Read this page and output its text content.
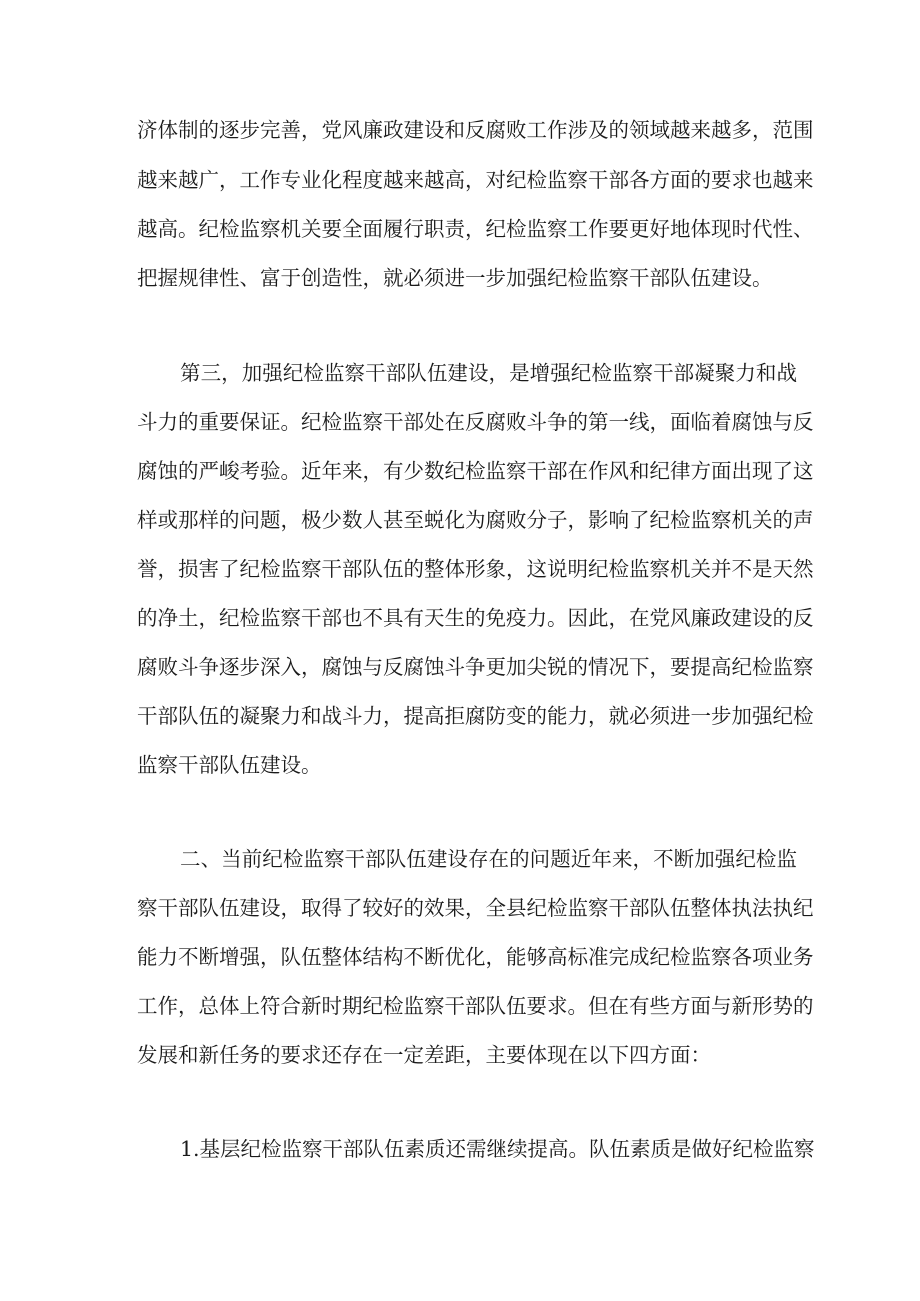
济体制的逐步完善，党风廉政建设和反腐败工作涉及的领域越来越多，范围
越来越广，工作专业化程度越来越高，对纪检监察干部各方面的要求也越来
越高。纪检监察机关要全面履行职责，纪检监察工作要更好地体现时代性、
把握规律性、富于创造性，就必须进一步加强纪检监察干部队伍建设。
第三，加强纪检监察干部队伍建设，是增强纪检监察干部凝聚力和战
斗力的重要保证。纪检监察干部处在反腐败斗争的第一线，面临着腐蚀与反
腐蚀的严峻考验。近年来，有少数纪检监察干部在作风和纪律方面出现了这
样或那样的问题，极少数人甚至蜕化为腐败分子，影响了纪检监察机关的声
誉，损害了纪检监察干部队伍的整体形象，这说明纪检监察机关并不是天然
的净土，纪检监察干部也不具有天生的免疫力。因此，在党风廉政建设的反
腐败斗争逐步深入，腐蚀与反腐蚀斗争更加尖锐的情况下，要提高纪检监察
干部队伍的凝聚力和战斗力，提高拒腐防变的能力，就必须进一步加强纪检
监察干部队伍建设。
二、当前纪检监察干部队伍建设存在的问题近年来，不断加强纪检监
察干部队伍建设，取得了较好的效果，全县纪检监察干部队伍整体执法执纪
能力不断增强，队伍整体结构不断优化，能够高标准完成纪检监察各项业务
工作，总体上符合新时期纪检监察干部队伍要求。但在有些方面与新形势的
发展和新任务的要求还存在一定差距，主要体现在以下四方面：
1.基层纪检监察干部队伍素质还需继续提高。队伍素质是做好纪检监察
